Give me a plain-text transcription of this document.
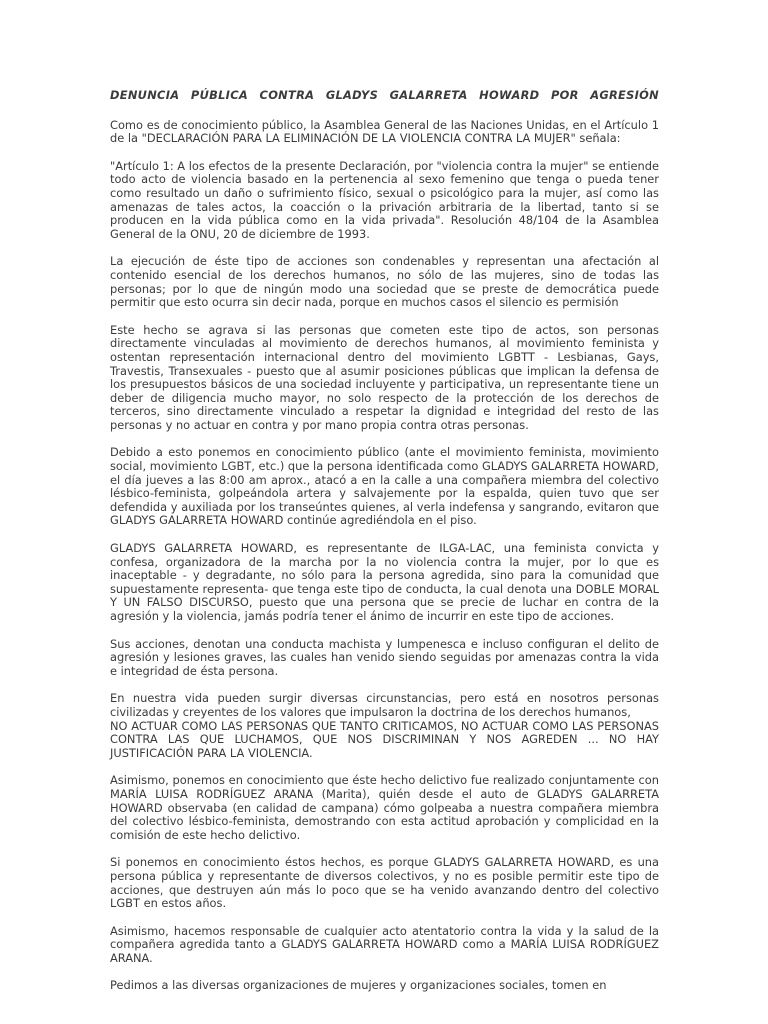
DENUNCIA PÚBLICA CONTRA GLADYS GALARRETA HOWARD POR AGRESIÓN

Como es de conocimiento público, la Asamblea General de las Naciones Unidas, en el Artículo 1 de la "DECLARACIÓN PARA LA ELIMINACIÓN DE LA VIOLENCIA CONTRA LA MUJER" señala:

"Artículo 1: A los efectos de la presente Declaración, por "violencia contra la mujer" se entiende todo acto de violencia basado en la pertenencia al sexo femenino que tenga o pueda tener como resultado un daño o sufrimiento físico, sexual o psicológico para la mujer, así como las amenazas de tales actos, la coacción o la privación arbitraria de la libertad, tanto si se producen en la vida pública como en la vida privada". Resolución 48/104 de la Asamblea General de la ONU, 20 de diciembre de 1993.

La ejecución de éste tipo de acciones son condenables y representan una afectación al contenido esencial de los derechos humanos, no sólo de las mujeres, sino de todas las personas; por lo que de ningún modo una sociedad que se preste de democrática puede permitir que esto ocurra sin decir nada, porque en muchos casos el silencio es permisión

Este hecho se agrava si las personas que cometen este tipo de actos, son personas directamente vinculadas al movimiento de derechos humanos, al movimiento feminista y ostentan representación internacional dentro del movimiento LGBTT - Lesbianas, Gays, Travestis, Transexuales - puesto que al asumir posiciones públicas que implican la defensa de los presupuestos básicos de una sociedad incluyente y participativa, un representante tiene un deber de diligencia mucho mayor, no solo respecto de la protección de los derechos de terceros, sino directamente vinculado a respetar la dignidad e integridad del resto de las personas y no actuar en contra y por mano propia contra otras personas.

Debido a esto ponemos en conocimiento público (ante el movimiento feminista, movimiento social, movimiento LGBT, etc.) que la persona identificada como GLADYS GALARRETA HOWARD, el día jueves a las 8:00 am aprox., atacó a en la calle a una compañera miembra del colectivo lésbico-feminista, golpeándola artera y salvajemente por la espalda, quien tuvo que ser defendida y auxiliada por los transeúntes quienes, al verla indefensa y sangrando, evitaron que GLADYS GALARRETA HOWARD continúe agrediéndola en el piso.

GLADYS GALARRETA HOWARD, es representante de ILGA-LAC, una feminista convicta y confesa, organizadora de la marcha por la no violencia contra la mujer, por lo que es inaceptable - y degradante, no sólo para la persona agredida, sino para la comunidad que supuestamente representa- que tenga este tipo de conducta, la cual denota una DOBLE MORAL Y UN FALSO DISCURSO, puesto que una persona que se precie de luchar en contra de la agresión y la violencia, jamás podría tener el ánimo de incurrir en este tipo de acciones.

Sus acciones, denotan una conducta machista y lumpenesca e incluso configuran el delito de agresión y lesiones graves, las cuales han venido siendo seguidas por amenazas contra la vida e integridad de ésta persona.

En nuestra vida pueden surgir diversas circunstancias, pero está en nosotros personas civilizadas y creyentes de los valores que impulsaron la doctrina de los derechos humanos,
NO ACTUAR COMO LAS PERSONAS QUE TANTO CRITICAMOS, NO ACTUAR COMO LAS PERSONAS CONTRA LAS QUE LUCHAMOS, QUE NOS DISCRIMINAN Y NOS AGREDEN ... NO HAY JUSTIFICACIÓN PARA LA VIOLENCIA.

Asimismo, ponemos en conocimiento que éste hecho delictivo fue realizado conjuntamente con MARÍA LUISA RODRÍGUEZ ARANA (Marita), quién desde el auto de GLADYS GALARRETA HOWARD observaba (en calidad de campana) cómo golpeaba a nuestra compañera miembra del colectivo lésbico-feminista, demostrando con esta actitud aprobación y complicidad en la comisión de este hecho delictivo.

Si ponemos en conocimiento éstos hechos, es porque GLADYS GALARRETA HOWARD, es una persona pública y representante de diversos colectivos, y no es posible permitir este tipo de acciones, que destruyen aún más lo poco que se ha venido avanzando dentro del colectivo LGBT en estos años.

Asimismo, hacemos responsable de cualquier acto atentatorio contra la vida y la salud de la compañera agredida tanto a GLADYS GALARRETA HOWARD como a MARÍA LUISA RODRÍGUEZ ARANA.

Pedimos a las diversas organizaciones de mujeres y organizaciones sociales, tomen en
